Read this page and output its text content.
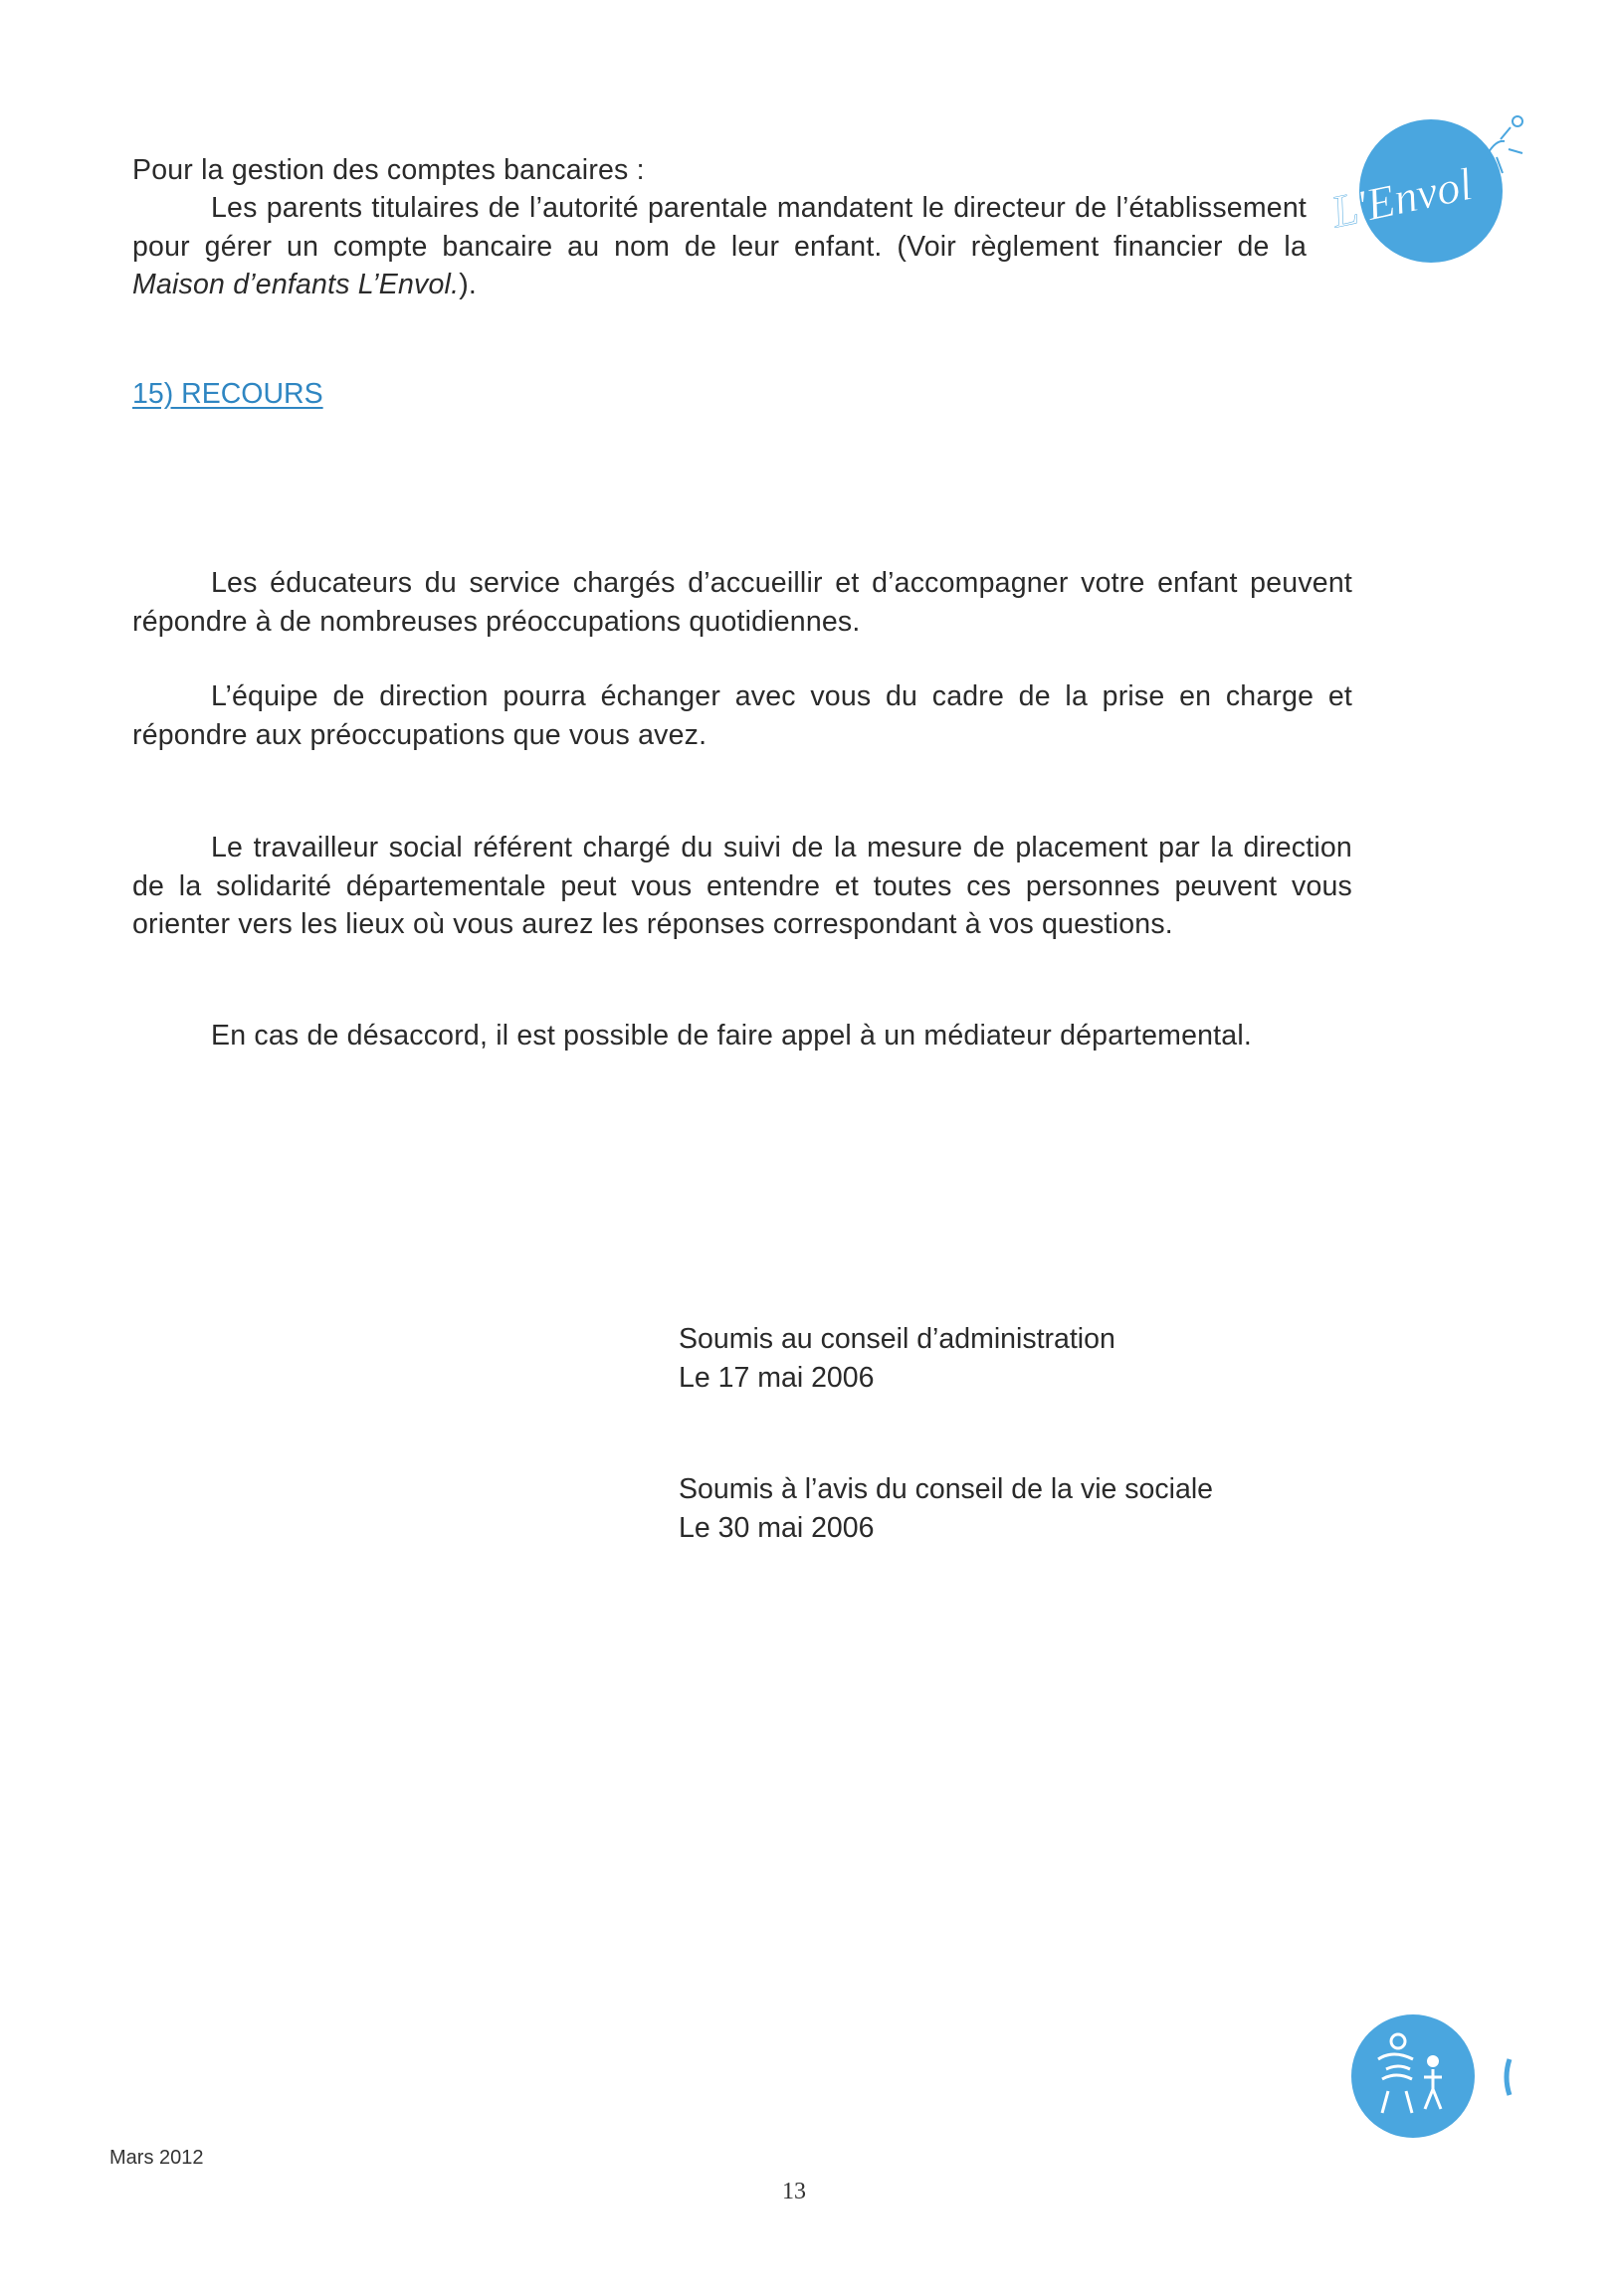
L'Envol

Pour la gestion des comptes bancaires :

Les parents titulaires de l’autorité parentale mandatent le directeur de l’établissement pour gérer un compte bancaire au nom de leur enfant. (Voir règlement financier de la Maison d’enfants L’Envol.).

15) RECOURS

Les éducateurs du service chargés d’accueillir et d’accompagner votre enfant peuvent répondre à de nombreuses préoccupations quotidiennes.

L’équipe de direction pourra échanger avec vous du cadre de la prise en charge et répondre aux préoccupations que vous avez.

Le travailleur social référent chargé du suivi de la mesure de placement par la direction de la solidarité départementale peut vous entendre et toutes ces personnes peuvent vous orienter vers les lieux où vous aurez les réponses correspondant à vos questions.

En cas de désaccord, il est possible de faire appel à un médiateur départemental.

Soumis au conseil d’administration
Le 17 mai 2006
Soumis à l’avis du conseil de la vie sociale
Le 30 mai 2006
Mars 2012
13
